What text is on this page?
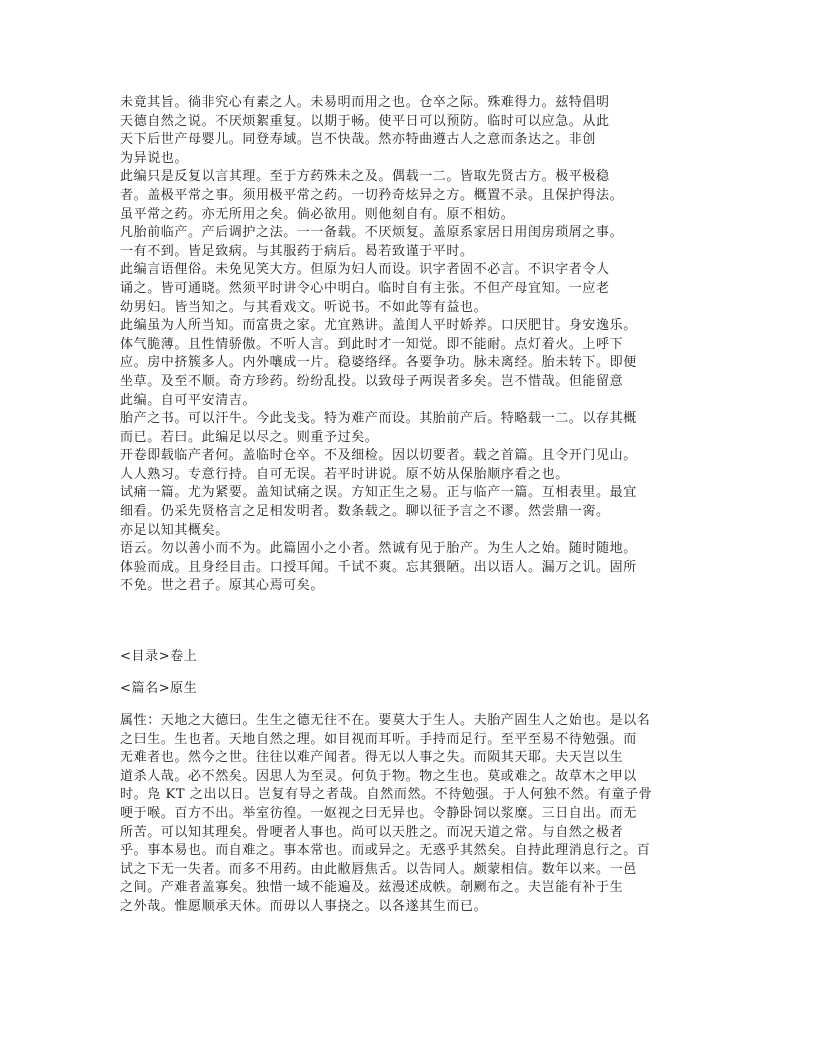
未竟其旨。徜非究心有素之人。未易明而用之也。仓卒之际。殊难得力。兹特倡明
天德自然之说。不厌烦絮重复。以期于畅。使平日可以预防。临时可以应急。从此
天下后世产母婴儿。同登寿域。岂不快哉。然亦特曲遵古人之意而条达之。非创
为异说也。
此编只是反复以言其理。至于方药殊未之及。偶载一二。皆取先贤古方。极平极稳
者。盖极平常之事。须用极平常之药。一切矜奇炫异之方。概置不录。且保护得法。
虽平常之药。亦无所用之矣。倘必欲用。则他刻自有。原不相妨。
凡胎前临产。产后调护之法。一一备载。不厌烦复。盖原系家居日用闺房琐屑之事。
一有不到。皆足致病。与其服药于病后。曷若致谨于平时。
此编言语俚俗。未免见笑大方。但原为妇人而设。识字者固不必言。不识字者令人
诵之。皆可通晓。然须平时讲令心中明白。临时自有主张。不但产母宜知。一应老
幼男妇。皆当知之。与其看戏文。听说书。不如此等有益也。
此编虽为人所当知。而富贵之家。尤宜熟讲。盖闺人平时娇养。口厌肥甘。身安逸乐。
体气脆薄。且性情骄傲。不听人言。到此时才一知觉。即不能耐。点灯着火。上呼下
应。房中挤簇多人。内外嚷成一片。稳婆络绎。各要争功。脉未离经。胎未转下。即便
坐草。及至不顺。奇方珍药。纷纷乱投。以致母子两误者多矣。岂不惜哉。但能留意
此编。自可平安清吉。
胎产之书。可以汗牛。今此戋戋。特为难产而设。其胎前产后。特略载一二。以存其概
而已。若曰。此编足以尽之。则重予过矣。
开卷即载临产者何。盖临时仓卒。不及细检。因以切要者。载之首篇。且令开门见山。
人人熟习。专意行持。自可无误。若平时讲说。原不妨从保胎顺序看之也。
试痛一篇。尤为紧要。盖知试痛之误。方知正生之易。正与临产一篇。互相表里。最宜
细看。仍采先贤格言之足相发明者。数条载之。聊以征予言之不谬。然尝鼎一脔。
亦足以知其概矣。
语云。勿以善小而不为。此篇固小之小者。然诚有见于胎产。为生人之始。随时随地。
体验而成。且身经目击。口授耳闻。千试不爽。忘其猥陋。出以语人。漏万之讥。固所
不免。世之君子。原其心焉可矣。
<目录>卷上
<篇名>原生
属性：天地之大德曰。生生之德无往不在。要莫大于生人。夫胎产固生人之始也。是以名
之曰生。生也者。天地自然之理。如目视而耳听。手持而足行。至平至易不待勉强。而
无难者也。然今之世。往往以难产闻者。得无以人事之失。而陨其天耶。夫天岂以生
道杀人哉。必不然矣。因思人为至灵。何负于物。物之生也。莫或难之。故草木之甲以
时。凫 KT 之出以日。岂复有导之者哉。自然而然。不待勉强。于人何独不然。有童子骨
哽于喉。百方不出。举室彷徨。一妪视之曰无异也。令静卧饲以浆糜。三日自出。而无
所苦。可以知其理矣。骨哽者人事也。尚可以天胜之。而况天道之常。与自然之极者
乎。事本易也。而自难之。事本常也。而或异之。无惑乎其然矣。自持此理消息行之。百
试之下无一失者。而多不用药。由此敝唇焦舌。以告同人。颇蒙相信。数年以来。一邑
之间。产难者盖寡矣。独惜一域不能遍及。兹漫述成帙。剞劂布之。夫岂能有补于生
之外哉。惟愿顺承天休。而毋以人事挠之。以各遂其生而已。
